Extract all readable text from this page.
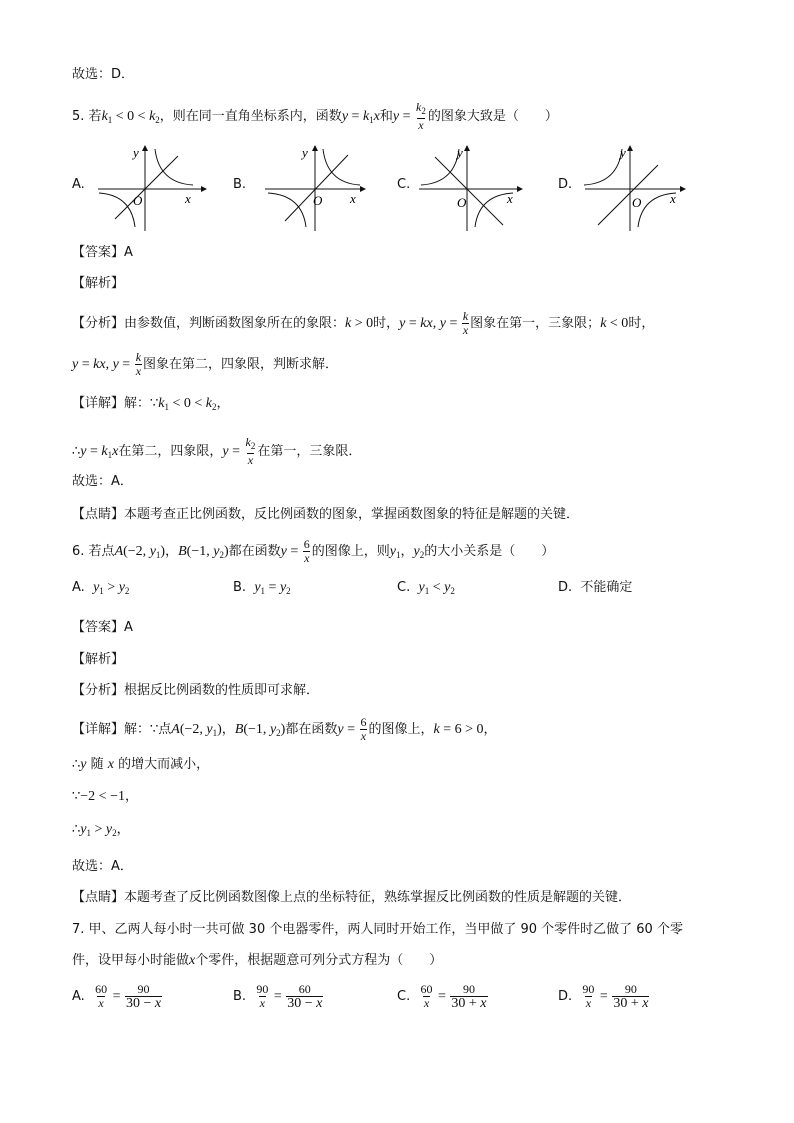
故选：D．
5. 若$k_1 < 0 < k_2$，则在同一直角坐标系内，函数$y = k_1x$和$y = \frac{k_2}{x}$ 的图象大致是（　　）
A.	B.	C.	D.
y
x
O
y
x
O
y
x
O
y
x
O
【答案】A
【解析】
【分析】由参数值，判断函数图象所在的象限：k > 0时，y = kx, $y = \frac{k}{x}$ 图象在第一，三象限；k < 0时，
y = kx, $y = \frac{k}{x}$ 图象在第二，四象限，判断求解．
【详解】解：$\because k_1 < 0 < k_2$，
∴y = $k_1x$在第二，四象限，$y = \frac{k_2}{x}$ 在第一，三象限．
故选：A．
【点睛】本题考查正比例函数，反比例函数的图象，掌握函数图象的特征是解题的关键．
6. 若点A(−2, $y_1$)，B(−1, $y_2$)都在函数$y = \frac{6}{x}$ 的图像上，则$y_1$，$y_2$的大小关系是（　　）
A. $y_1 > y_2$	B. $y_1 = y_2$	C. $y_1 < y_2$	D. 不能确定
【答案】A
【解析】
【分析】根据反比例函数的性质即可求解．
【详解】解：∵点A(−2, $y_1$)，B(−1, $y_2$)都在函数$y = \frac{6}{x}$ 的图像上，k = 6 > 0，
∴y 随 x 的增大而减小，
∵−2 < −1，
$\therefore y_1 > y_2$，
故选：A．
【点睛】本题考查了反比例函数图像上点的坐标特征，熟练掌握反比例函数的性质是解题的关键．
7. 甲、乙两人每小时一共可做 30 个电器零件，两人同时开始工作，当甲做了 90 个零件时乙做了 60 个零
件，设甲每小时能做x个零件，根据题意可列分式方程为（　　）
A. $\frac{60}{x} = \frac{90}{30 - x}$	B. $\frac{90}{x} = \frac{60}{30 - x}$	C. $\frac{60}{x} = \frac{90}{30 + x}$	D. $\frac{90}{x} = \frac{90}{30 + x}$
